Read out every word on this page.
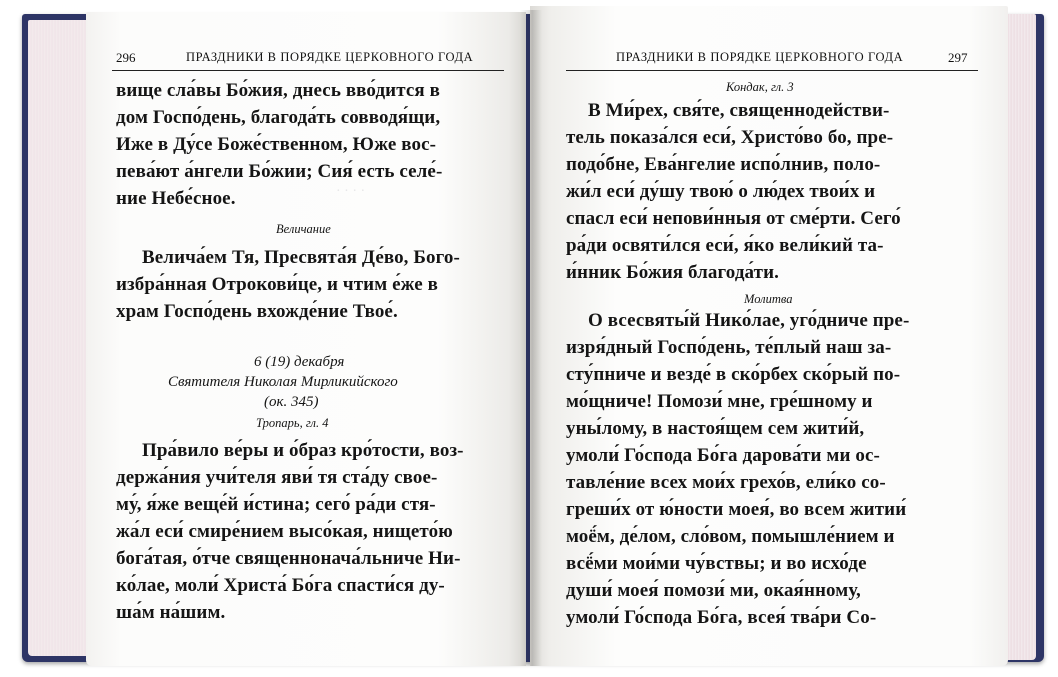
· · · ·
296	ПРАЗДНИКИ В ПОРЯДКЕ ЦЕРКОВНОГО ГОДА

вище сла́вы Бо́жия, днесь вво́дится в

дом Госпо́день, благода́ть совводя́щи,

Иже в Ду́се Боже́ственном, Юже вос-

пева́ют а́нгели Бо́жии; Сия́ есть селе́-

ние Небе́сное.

Величание

Велича́ем Тя, Пресвята́я Де́во, Бого-

избра́нная Отрокови́це, и чтим е́же в

храм Госпо́день вхожде́ние Твое́.

6 (19) декабря

Святителя Николая Мирликийского

(ок. 345)

Тропарь, гл. 4

Пра́вило ве́ры и о́браз кро́тости, воз-

держа́ния учи́теля яви́ тя ста́ду свое-

му́, я́же веще́й и́стина; сего́ ра́ди стя-

жа́л еси́ смире́нием высо́кая, нището́ю

бога́тая, о́тче священнонача́льниче Ни-

ко́лае, моли́ Христа́ Бо́га спасти́ся ду-

ша́м на́шим.

ПРАЗДНИКИ В ПОРЯДКЕ ЦЕРКОВНОГО ГОДА	297

Кондак, гл. 3

В Ми́рех, свя́те, священнодействи-

тель показа́лся еси́, Христо́во бо, пре-

подо́бне, Ева́нгелие испо́лнив, поло-

жи́л еси́ ду́шу твою́ о лю́дех твои́х и

спасл еси́ непови́нныя от сме́рти. Сего́

ра́ди освяти́лся еси́, я́ко вели́кий та-

и́нник Бо́жия благода́ти.

Молитва

О всесвяты́й Нико́лае, уго́дниче пре-

изря́дный Госпо́день, те́плый наш за-

сту́пниче и везде́ в ско́рбех ско́рый по-

мо́щниче! Помози́ мне, гре́шному и

уны́лому, в настоя́щем сем жити́й,

умоли́ Го́спода Бо́га дарова́ти ми ос-

тавле́ние всех мои́х грехо́в, ели́ко со-

греши́х от ю́ности моея́, во всем житии́

моё́м, де́лом, сло́вом, помышле́нием и

всё́ми мои́ми чу́вствы; и во исхо́де

души́ моея́ помози́ ми, окая́нному,

умоли́ Го́спода Бо́га, всея́ тва́ри Со-
